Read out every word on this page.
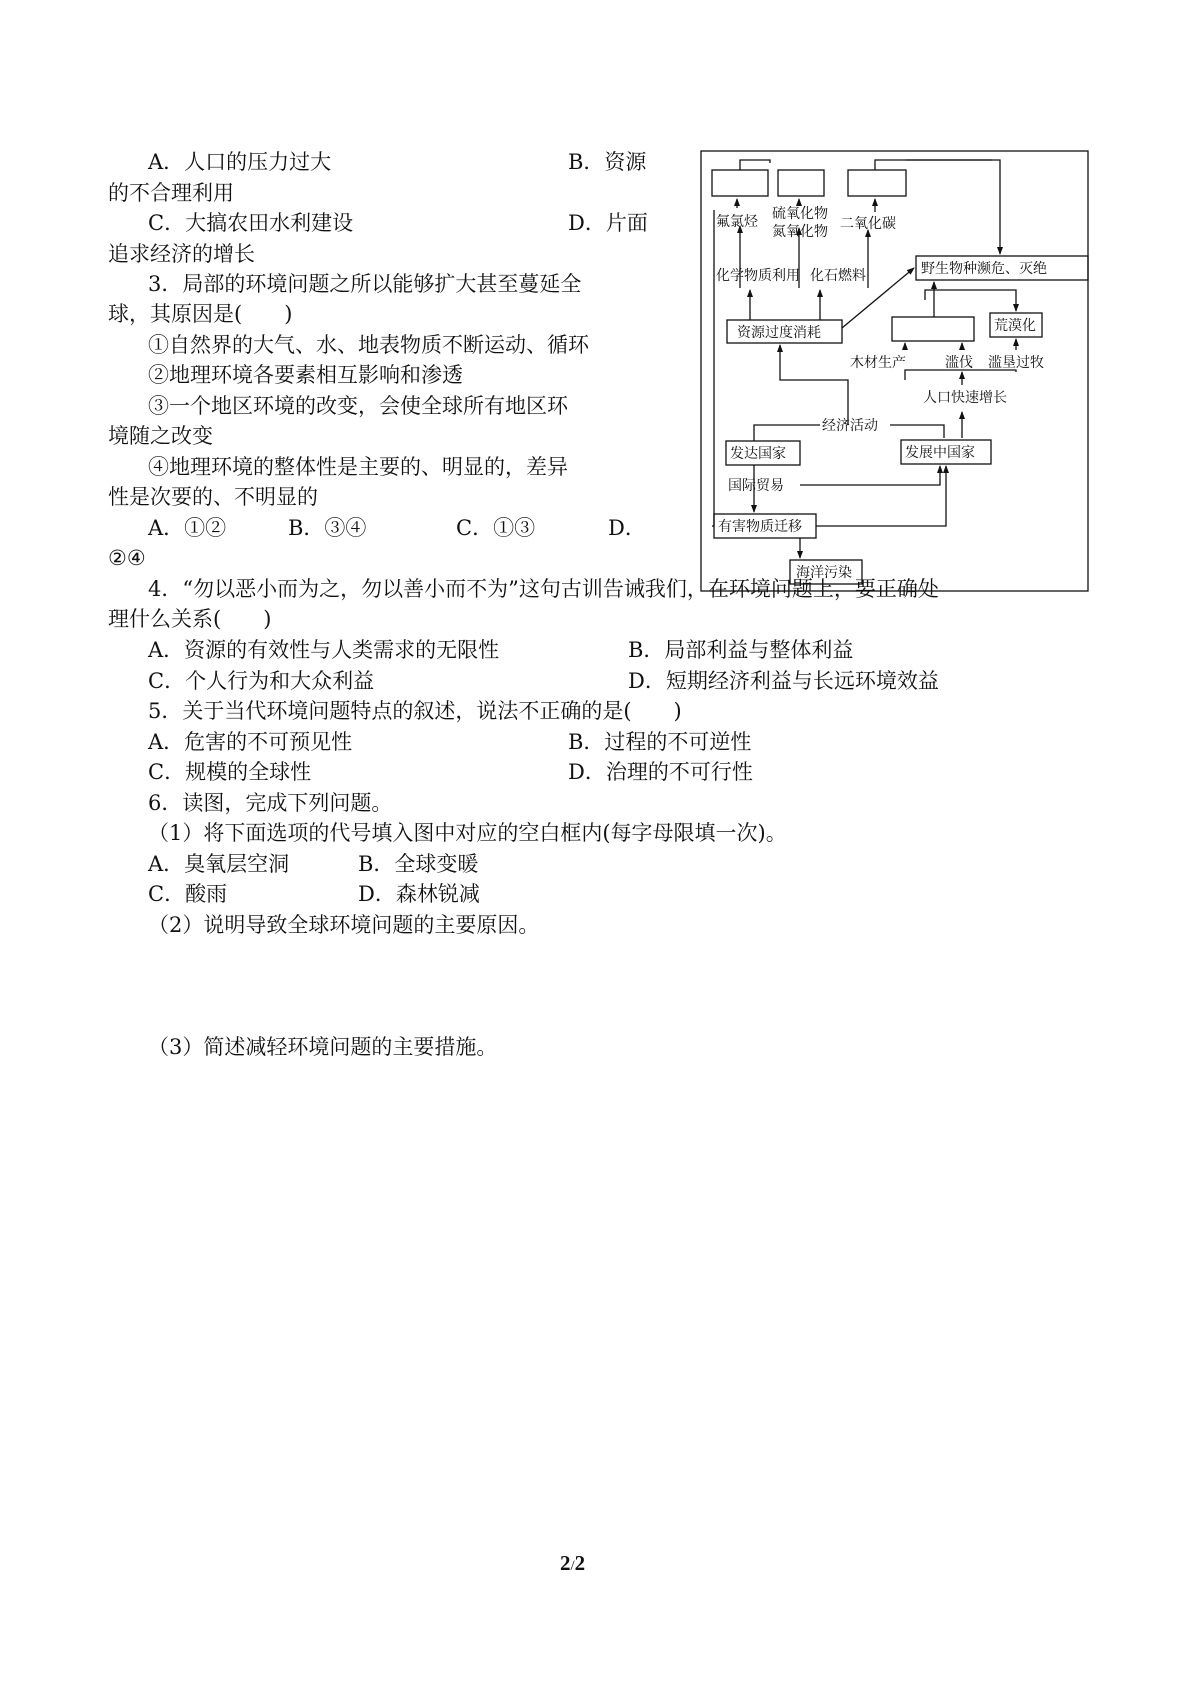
A．人口的压力过大	B．资源
的不合理利用
C．大搞农田水利建设	D．片面
追求经济的增长
3．局部的环境问题之所以能够扩大甚至蔓延全
球，其原因是(　　)
①自然界的大气、水、地表物质不断运动、循环
②地理环境各要素相互影响和渗透
③一个地区环境的改变，会使全球所有地区环
境随之改变
④地理环境的整体性是主要的、明显的，差异
性是次要的、不明显的
A．①②	B．③④	C．①③	D．
②④
4．“勿以恶小而为之，勿以善小而不为”这句古训告诫我们，在环境问题上，要正确处
理什么关系(　　)
A．资源的有效性与人类需求的无限性	B．局部利益与整体利益
C．个人行为和大众利益	D．短期经济利益与长远环境效益
5．关于当代环境问题特点的叙述，说法不正确的是(　　)
A．危害的不可预见性	B．过程的不可逆性
C．规模的全球性	D．治理的不可行性
6．读图，完成下列问题。
（1）将下面选项的代号填入图中对应的空白框内(每字母限填一次)。
A．臭氧层空洞	B．全球变暖
C．酸雨	D．森林锐减
（2）说明导致全球环境问题的主要原因。
（3）简述减轻环境问题的主要措施。
氟氯烃 硫氧化物
氮氧化物 二氧化碳
化学物质利用 化石燃料	野生物种濒危、灭绝
资源过度消耗	荒漠化
木材生产	滥伐 滥垦过牧
人口快速增长
经济活动
发达国家	发展中国家
国际贸易
有害物质迁移
海洋污染
2/2
